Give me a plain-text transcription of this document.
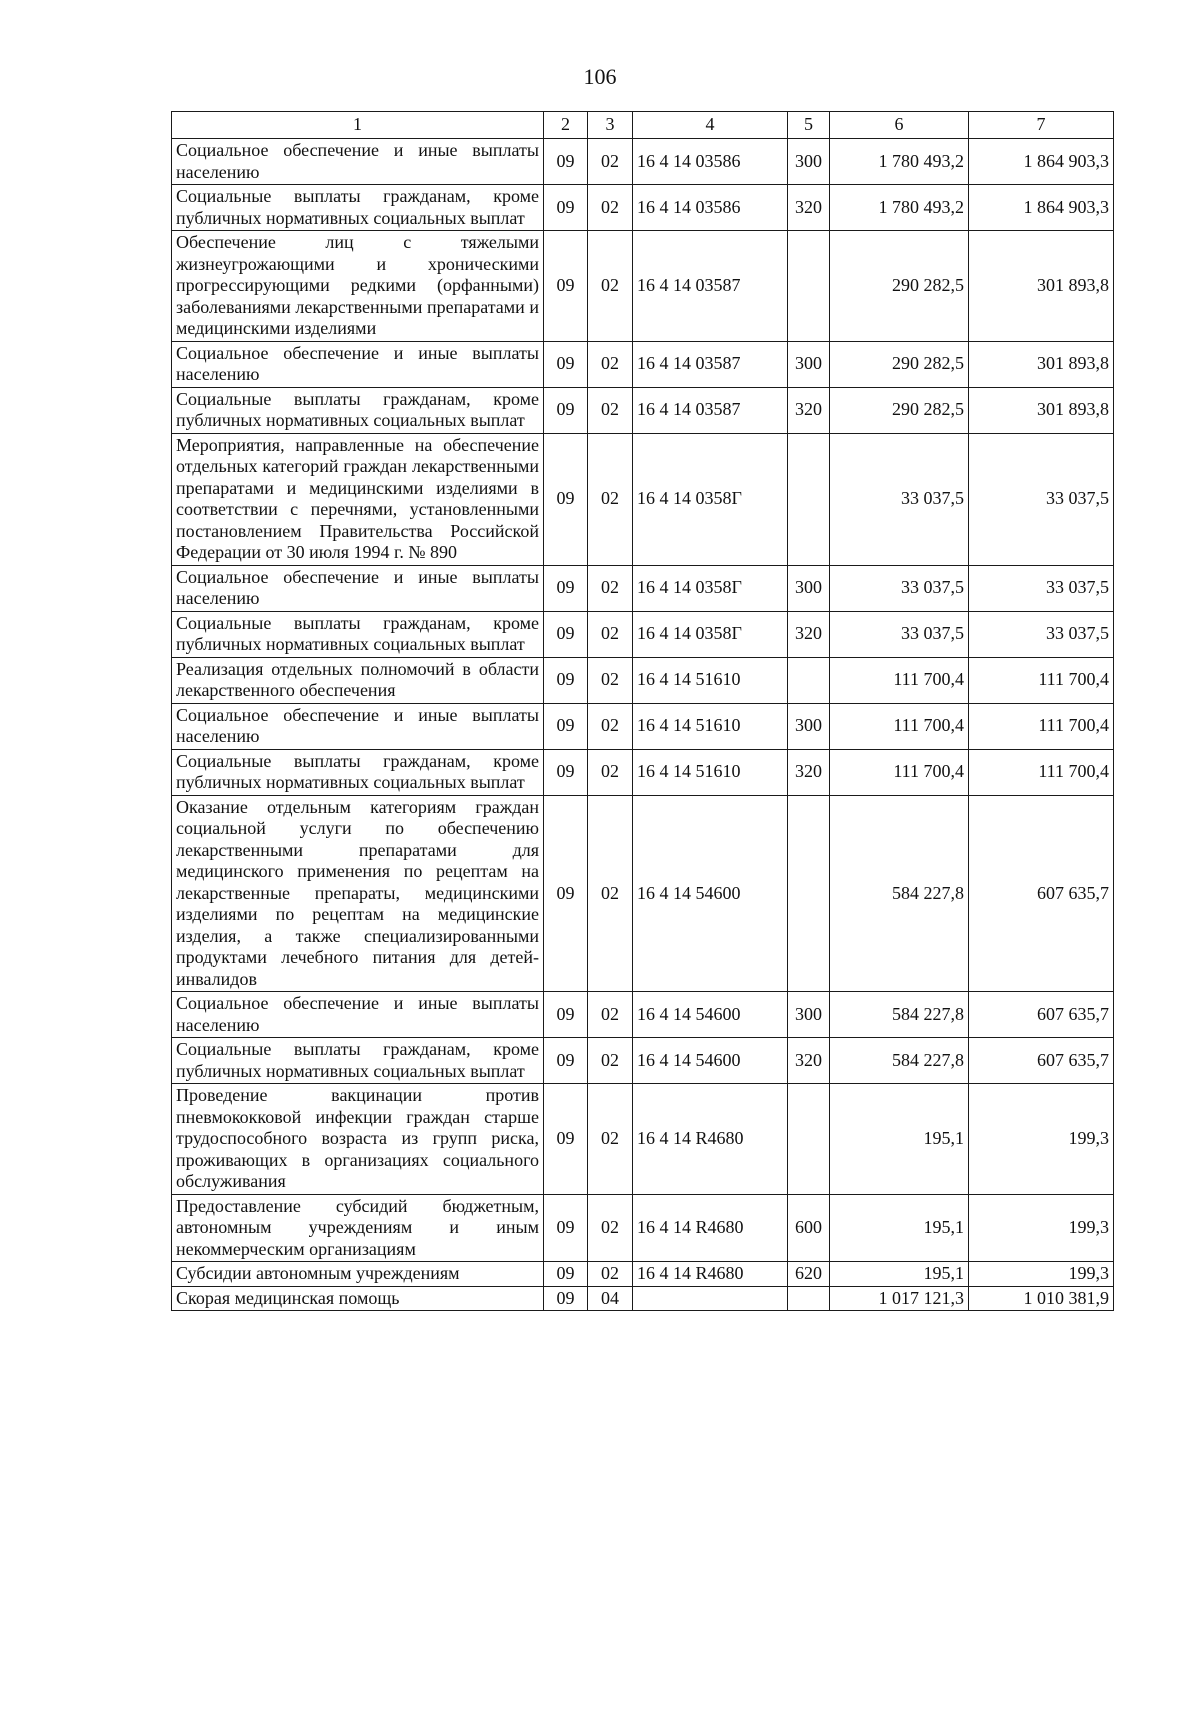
106
1	2	3	4	5	6	7
Социальное обеспечение и иные выплаты населению	09	02	16 4 14 03586	300	1 780 493,2	1 864 903,3
Социальные выплаты гражданам, кроме публичных нормативных социальных выплат	09	02	16 4 14 03586	320	1 780 493,2	1 864 903,3
Обеспечение лиц с тяжелыми жизнеугрожающими и хроническими прогрессирующими редкими (орфанными) заболеваниями лекарственными препаратами и медицинскими изделиями	09	02	16 4 14 03587		290 282,5	301 893,8
Социальное обеспечение и иные выплаты населению	09	02	16 4 14 03587	300	290 282,5	301 893,8
Социальные выплаты гражданам, кроме публичных нормативных социальных выплат	09	02	16 4 14 03587	320	290 282,5	301 893,8
Мероприятия, направленные на обеспечение отдельных категорий граждан лекарственными препаратами и медицинскими изделиями в соответствии с перечнями, установленными постановлением Правительства Российской Федерации от 30 июля 1994 г. № 890	09	02	16 4 14 0358Г		33 037,5	33 037,5
Социальное обеспечение и иные выплаты населению	09	02	16 4 14 0358Г	300	33 037,5	33 037,5
Социальные выплаты гражданам, кроме публичных нормативных социальных выплат	09	02	16 4 14 0358Г	320	33 037,5	33 037,5
Реализация отдельных полномочий в области лекарственного обеспечения	09	02	16 4 14 51610		111 700,4	111 700,4
Социальное обеспечение и иные выплаты населению	09	02	16 4 14 51610	300	111 700,4	111 700,4
Социальные выплаты гражданам, кроме публичных нормативных социальных выплат	09	02	16 4 14 51610	320	111 700,4	111 700,4
Оказание отдельным категориям граждан социальной услуги по обеспечению лекарственными препаратами для медицинского применения по рецептам на лекарственные препараты, медицинскими изделиями по рецептам на медицинские изделия, а также специализированными продуктами лечебного питания для детей-инвалидов	09	02	16 4 14 54600		584 227,8	607 635,7
Социальное обеспечение и иные выплаты населению	09	02	16 4 14 54600	300	584 227,8	607 635,7
Социальные выплаты гражданам, кроме публичных нормативных социальных выплат	09	02	16 4 14 54600	320	584 227,8	607 635,7
Проведение вакцинации против пневмококковой инфекции граждан старше трудоспособного возраста из групп риска, проживающих в организациях социального обслуживания	09	02	16 4 14 R4680		195,1	199,3
Предоставление субсидий бюджетным, автономным учреждениям и иным некоммерческим организациям	09	02	16 4 14 R4680	600	195,1	199,3
Субсидии автономным учреждениям	09	02	16 4 14 R4680	620	195,1	199,3
Скорая медицинская помощь	09	04			1 017 121,3	1 010 381,9
